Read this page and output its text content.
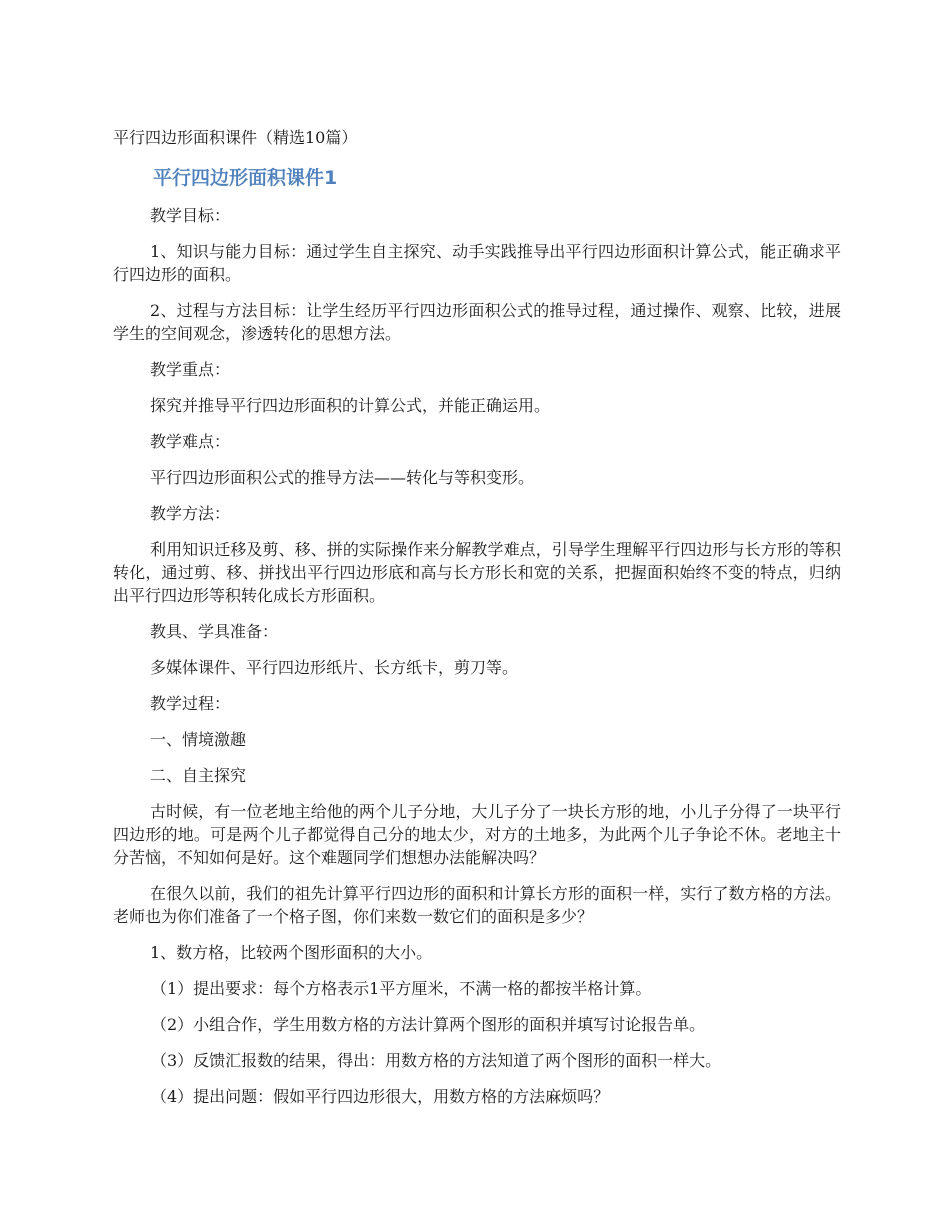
平行四边形面积课件（精选10篇）
平行四边形面积课件1

教学目标：

1、知识与能力目标：通过学生自主探究、动手实践推导出平行四边形面积计算公式，能正确求平行四边形的面积。

2、过程与方法目标：让学生经历平行四边形面积公式的推导过程，通过操作、观察、比较，进展学生的空间观念，渗透转化的思想方法。

教学重点：

探究并推导平行四边形面积的计算公式，并能正确运用。

教学难点：

平行四边形面积公式的推导方法——转化与等积变形。

教学方法：

利用知识迁移及剪、移、拼的实际操作来分解教学难点，引导学生理解平行四边形与长方形的等积转化，通过剪、移、拼找出平行四边形底和高与长方形长和宽的关系，把握面积始终不变的特点，归纳出平行四边形等积转化成长方形面积。

教具、学具准备：

多媒体课件、平行四边形纸片、长方纸卡，剪刀等。

教学过程：

一、情境激趣

二、自主探究

古时候，有一位老地主给他的两个儿子分地，大儿子分了一块长方形的地，小儿子分得了一块平行四边形的地。可是两个儿子都觉得自己分的地太少，对方的土地多，为此两个儿子争论不休。老地主十分苦恼，不知如何是好。这个难题同学们想想办法能解决吗？

在很久以前，我们的祖先计算平行四边形的面积和计算长方形的面积一样，实行了数方格的方法。老师也为你们准备了一个格子图，你们来数一数它们的面积是多少？

1、数方格，比较两个图形面积的大小。

（1）提出要求：每个方格表示1平方厘米，不满一格的都按半格计算。

（2）小组合作，学生用数方格的方法计算两个图形的面积并填写讨论报告单。

（3）反馈汇报数的结果，得出：用数方格的方法知道了两个图形的面积一样大。

（4）提出问题：假如平行四边形很大，用数方格的方法麻烦吗？
